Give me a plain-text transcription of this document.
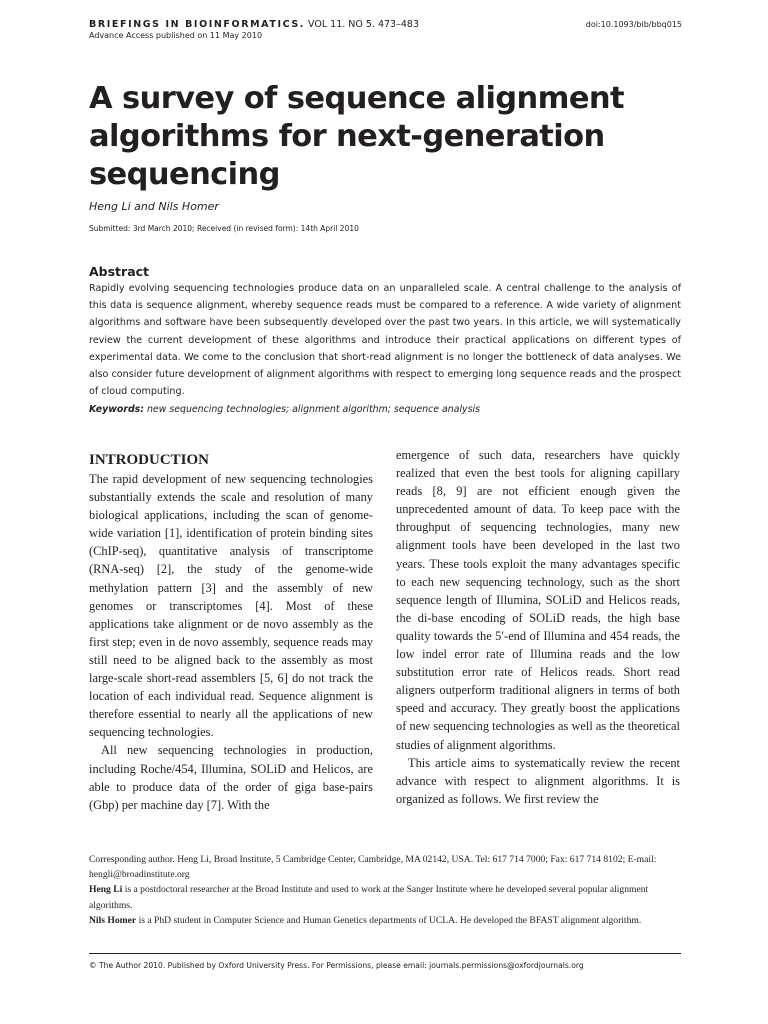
BRIEFINGS IN BIOINFORMATICS. VOL 11. NO 5. 473–483
Advance Access published on 11 May 2010
doi:10.1093/bib/bbq015
A survey of sequence alignment algorithms for next-generation sequencing
Heng Li and Nils Homer
Submitted: 3rd March 2010; Received (in revised form): 14th April 2010
Abstract
Rapidly evolving sequencing technologies produce data on an unparalleled scale. A central challenge to the analysis of this data is sequence alignment, whereby sequence reads must be compared to a reference. A wide variety of alignment algorithms and software have been subsequently developed over the past two years. In this article, we will systematically review the current development of these algorithms and introduce their practical applications on different types of experimental data. We come to the conclusion that short-read alignment is no longer the bottleneck of data analyses. We also consider future development of alignment algorithms with respect to emerging long sequence reads and the prospect of cloud computing.
Keywords: new sequencing technologies; alignment algorithm; sequence analysis
INTRODUCTION

The rapid development of new sequencing technologies substantially extends the scale and resolution of many biological applications, including the scan of genome-wide variation [1], identification of protein binding sites (ChIP-seq), quantitative analysis of transcriptome (RNA-seq) [2], the study of the genome-wide methylation pattern [3] and the assembly of new genomes or transcriptomes [4]. Most of these applications take alignment or de novo assembly as the first step; even in de novo assembly, sequence reads may still need to be aligned back to the assembly as most large-scale short-read assemblers [5, 6] do not track the location of each individual read. Sequence alignment is therefore essential to nearly all the applications of new sequencing technologies.

All new sequencing technologies in production, including Roche/454, Illumina, SOLiD and Helicos, are able to produce data of the order of giga base-pairs (Gbp) per machine day [7]. With the

emergence of such data, researchers have quickly realized that even the best tools for aligning capillary reads [8, 9] are not efficient enough given the unprecedented amount of data. To keep pace with the throughput of sequencing technologies, many new alignment tools have been developed in the last two years. These tools exploit the many advantages specific to each new sequencing technology, such as the short sequence length of Illumina, SOLiD and Helicos reads, the di-base encoding of SOLiD reads, the high base quality towards the 5′-end of Illumina and 454 reads, the low indel error rate of Illumina reads and the low substitution error rate of Helicos reads. Short read aligners outperform traditional aligners in terms of both speed and accuracy. They greatly boost the applications of new sequencing technologies as well as the theoretical studies of alignment algorithms.

This article aims to systematically review the recent advance with respect to alignment algorithms. It is organized as follows. We first review the

Corresponding author. Heng Li, Broad Institute, 5 Cambridge Center, Cambridge, MA 02142, USA. Tel: 617 714 7000; Fax: 617 714 8102; E-mail: hengli@broadinstitute.org

Heng Li is a postdoctoral researcher at the Broad Institute and used to work at the Sanger Institute where he developed several popular alignment algorithms.

Nils Homer is a PhD student in Computer Science and Human Genetics departments of UCLA. He developed the BFAST alignment algorithm.

© The Author 2010. Published by Oxford University Press. For Permissions, please email: journals.permissions@oxfordjournals.org
